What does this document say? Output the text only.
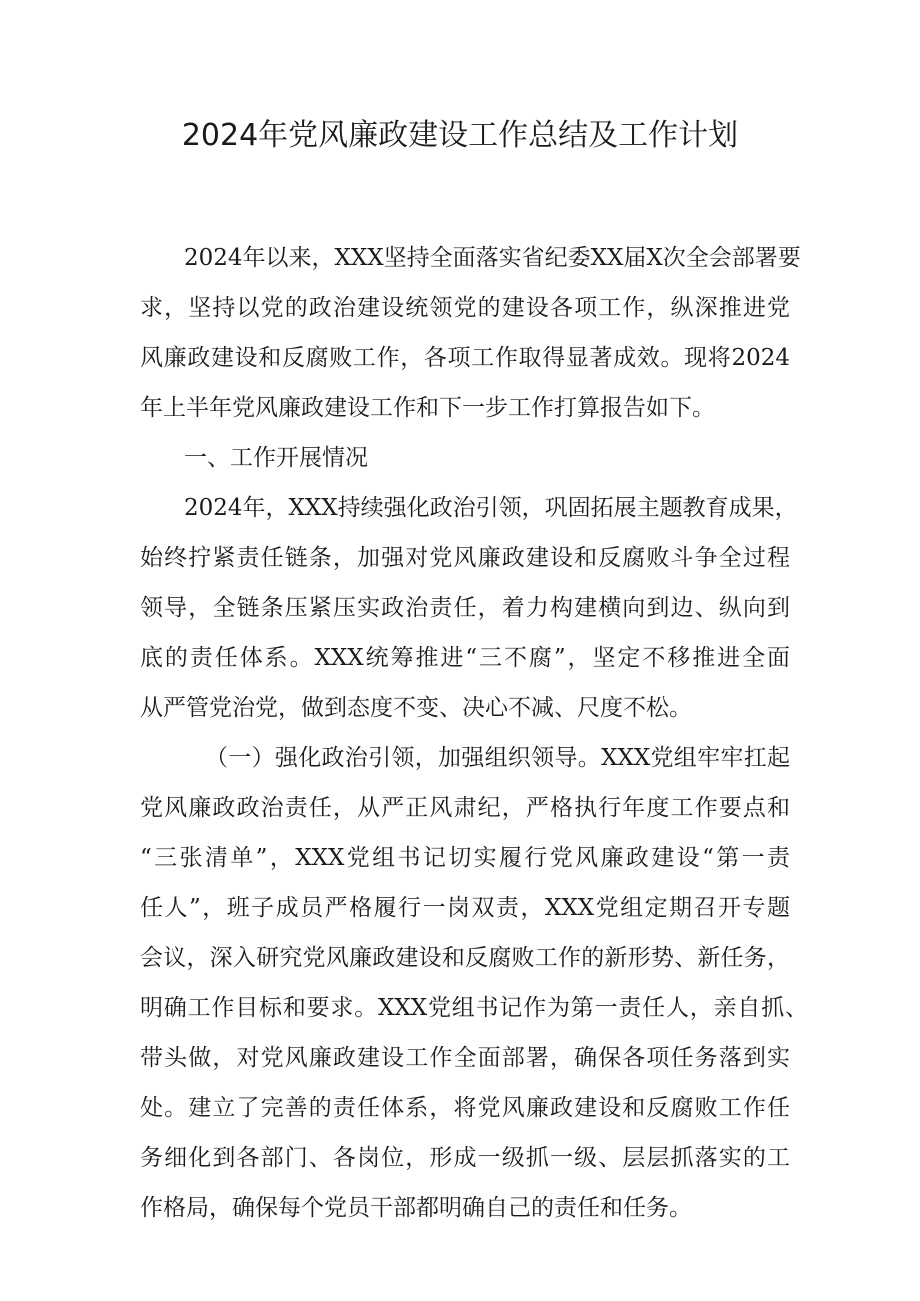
2024年党风廉政建设工作总结及工作计划
2024年以来，XXX坚持全面落实省纪委XX届X次全会部署要
求，坚持以党的政治建设统领党的建设各项工作，纵深推进党
风廉政建设和反腐败工作，各项工作取得显著成效。现将2024
年上半年党风廉政建设工作和下一步工作打算报告如下。
一、工作开展情况
2024年，XXX持续强化政治引领，巩固拓展主题教育成果，
始终拧紧责任链条，加强对党风廉政建设和反腐败斗争全过程
领导，全链条压紧压实政治责任，着力构建横向到边、纵向到
底的责任体系。XXX统筹推进“三不腐”，坚定不移推进全面
从严管党治党，做到态度不变、决心不减、尺度不松。
（一）强化政治引领，加强组织领导。XXX党组牢牢扛起
党风廉政政治责任，从严正风肃纪，严格执行年度工作要点和
“三张清单”，XXX党组书记切实履行党风廉政建设“第一责
任人”，班子成员严格履行一岗双责，XXX党组定期召开专题
会议，深入研究党风廉政建设和反腐败工作的新形势、新任务，
明确工作目标和要求。XXX党组书记作为第一责任人，亲自抓、
带头做，对党风廉政建设工作全面部署，确保各项任务落到实
处。建立了完善的责任体系，将党风廉政建设和反腐败工作任
务细化到各部门、各岗位，形成一级抓一级、层层抓落实的工
作格局，确保每个党员干部都明确自己的责任和任务。
